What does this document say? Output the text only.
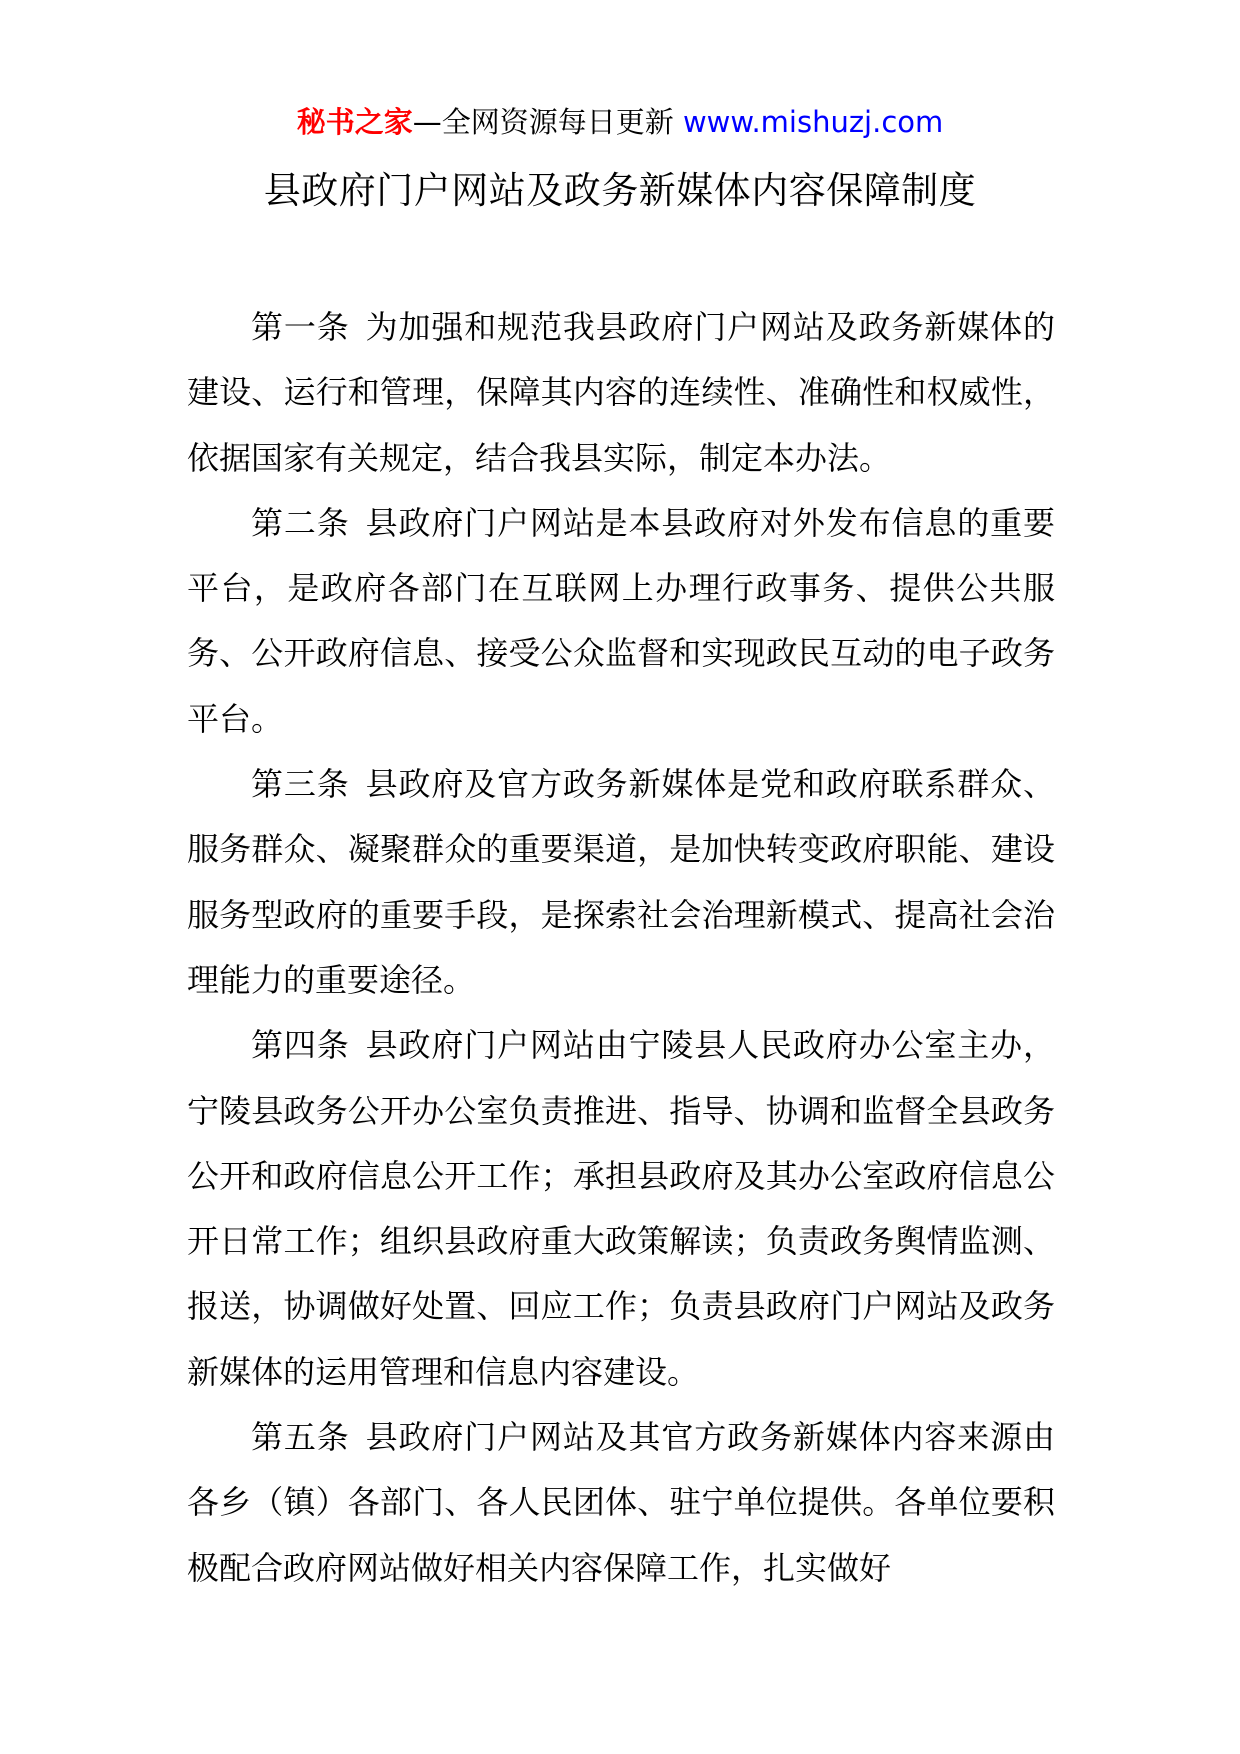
秘书之家—全网资源每日更新 www.mishuzj.com
县政府门户网站及政务新媒体内容保障制度

第一条 为加强和规范我县政府门户网站及政务新媒体的建设、运行和管理，保障其内容的连续性、准确性和权威性，依据国家有关规定，结合我县实际，制定本办法。

第二条 县政府门户网站是本县政府对外发布信息的重要平台，是政府各部门在互联网上办理行政事务、提供公共服务、公开政府信息、接受公众监督和实现政民互动的电子政务平台。

第三条 县政府及官方政务新媒体是党和政府联系群众、服务群众、凝聚群众的重要渠道，是加快转变政府职能、建设服务型政府的重要手段，是探索社会治理新模式、提高社会治理能力的重要途径。

第四条 县政府门户网站由宁陵县人民政府办公室主办，宁陵县政务公开办公室负责推进、指导、协调和监督全县政务公开和政府信息公开工作；承担县政府及其办公室政府信息公开日常工作；组织县政府重大政策解读；负责政务舆情监测、报送，协调做好处置、回应工作；负责县政府门户网站及政务新媒体的运用管理和信息内容建设。

第五条 县政府门户网站及其官方政务新媒体内容来源由各乡（镇）各部门、各人民团体、驻宁单位提供。各单位要积极配合政府网站做好相关内容保障工作，扎实做好
